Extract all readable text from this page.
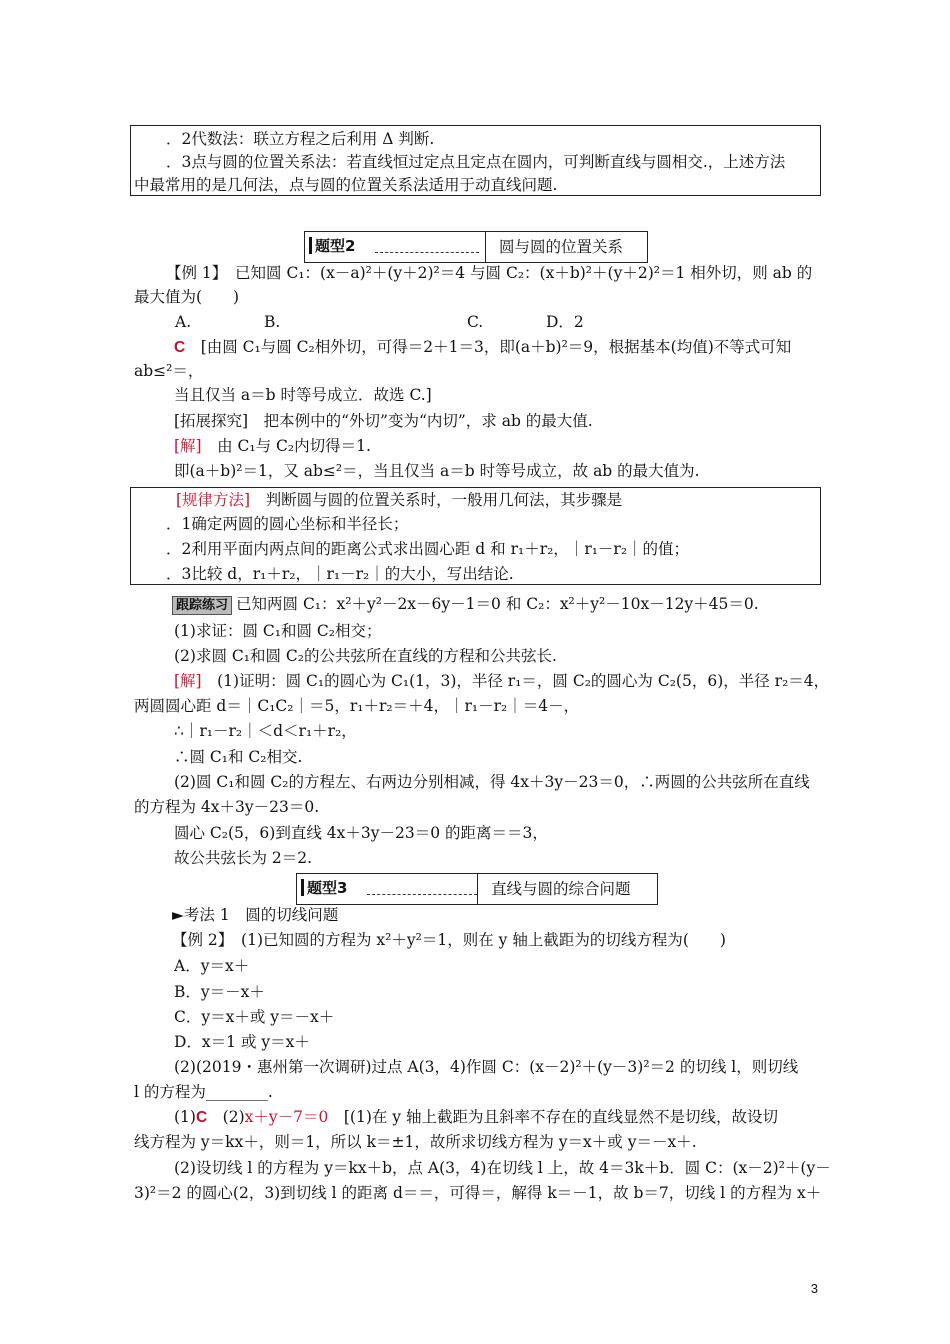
．2代数法：联立方程之后利用 Δ 判断.
．3点与圆的位置关系法：若直线恒过定点且定点在圆内，可判断直线与圆相交.，上述方法
中最常用的是几何法，点与圆的位置关系法适用于动直线问题.
题型2	圆与圆的位置关系
【例 1】　已知圆 C₁：(x－a)²＋(y＋2)²＝4 与圆 C₂：(x＋b)²＋(y＋2)²＝1 相外切，则 ab 的
最大值为(　　)
A.	B.	C.	D．2
C　[由圆 C₁与圆 C₂相外切，可得＝2＋1＝3，即(a＋b)²＝9，根据基本(均值)不等式可知
ab≤²＝，
当且仅当 a＝b 时等号成立．故选 C.]
[拓展探究]　把本例中的“外切”变为“内切”，求 ab 的最大值.
[解]　由 C₁与 C₂内切得＝1.
即(a＋b)²＝1，又 ab≤²＝，当且仅当 a＝b 时等号成立，故 ab 的最大值为.
[规律方法]　判断圆与圆的位置关系时，一般用几何法，其步骤是
．1确定两圆的圆心坐标和半径长；
．2利用平面内两点间的距离公式求出圆心距 d 和 r₁＋r₂，｜r₁－r₂｜的值；
．3比较 d，r₁＋r₂，｜r₁－r₂｜的大小，写出结论.
跟踪练习 已知两圆 C₁：x²＋y²－2x－6y－1＝0 和 C₂：x²＋y²－10x－12y＋45＝0.
(1)求证：圆 C₁和圆 C₂相交；
(2)求圆 C₁和圆 C₂的公共弦所在直线的方程和公共弦长.
[解]　(1)证明：圆 C₁的圆心为 C₁(1，3)，半径 r₁＝，圆 C₂的圆心为 C₂(5，6)，半径 r₂＝4，
两圆圆心距 d＝｜C₁C₂｜＝5，r₁＋r₂＝＋4，｜r₁－r₂｜＝4－，
∴｜r₁－r₂｜＜d＜r₁＋r₂，
∴圆 C₁和 C₂相交.
(2)圆 C₁和圆 C₂的方程左、右两边分别相减，得 4x＋3y－23＝0，∴两圆的公共弦所在直线
的方程为 4x＋3y－23＝0.
圆心 C₂(5，6)到直线 4x＋3y－23＝0 的距离＝＝3，
故公共弦长为 2＝2.
题型3	直线与圆的综合问题
►考法 1　圆的切线问题
【例 2】　(1)已知圆的方程为 x²＋y²＝1，则在 y 轴上截距为的切线方程为(　　)
A．y＝x＋
B．y＝－x＋
C．y＝x＋或 y＝－x＋
D．x＝1 或 y＝x＋
(2)(2019・惠州第一次调研)过点 A(3，4)作圆 C：(x－2)²＋(y－3)²＝2 的切线 l，则切线
l 的方程为________.
(1)C　(2)x＋y－7＝0　[(1)在 y 轴上截距为且斜率不存在的直线显然不是切线，故设切
线方程为 y＝kx＋，则＝1，所以 k＝±1，故所求切线方程为 y＝x＋或 y＝－x＋.
(2)设切线 l 的方程为 y＝kx＋b，点 A(3，4)在切线 l 上，故 4＝3k＋b．圆 C：(x－2)²＋(y－
3)²＝2 的圆心(2，3)到切线 l 的距离 d＝＝，可得＝，解得 k＝－1，故 b＝7，切线 l 的方程为 x＋
3
